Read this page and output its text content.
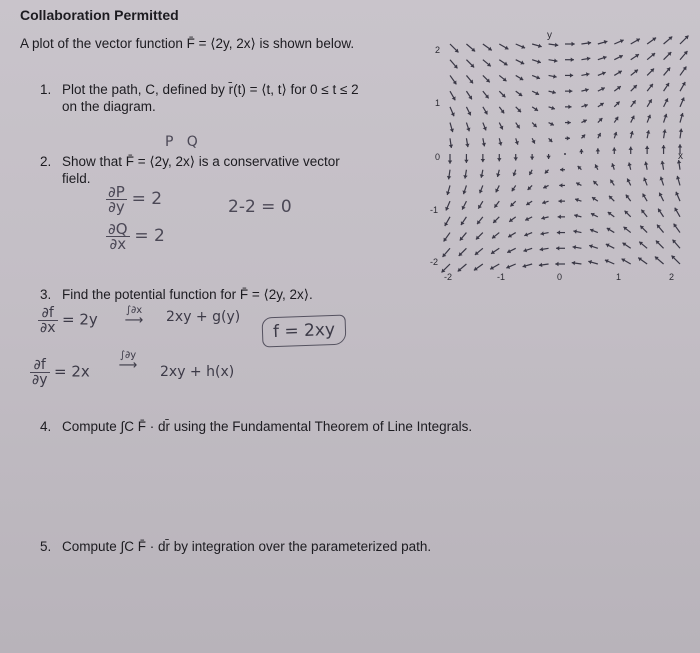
Collaboration Permitted
A plot of the vector function F̄ = ⟨2y, 2x⟩ is shown below.
1. Plot the path, C, defined by r̄(t) = ⟨t, t⟩ for 0 ≤ t ≤ 2
on the diagram.
P   Q
2. Show that F̄ = ⟨2y, 2x⟩ is a conservative vector
field.
$\frac{\partial P}{\partial y} = 2$	2-2 = 0
$\frac{\partial Q}{\partial x} = 2$
3. Find the potential function for F̄ = ⟨2y, 2x⟩.
$\frac{\partial f}{\partial x} = 2y$	∫∂x
⟶	2xy + g(y)
f = 2xy
$\frac{\partial f}{\partial y} = 2x$
∫∂y
⟶	2xy + h(x)
4. Compute ∫C F̄ · dr̄ using the Fundamental Theorem of Line Integrals.
5. Compute ∫C F̄ · dr̄ by integration over the parameterized path.
y
x
2
1
0
-1
-2
-2	-1	0	1	2
